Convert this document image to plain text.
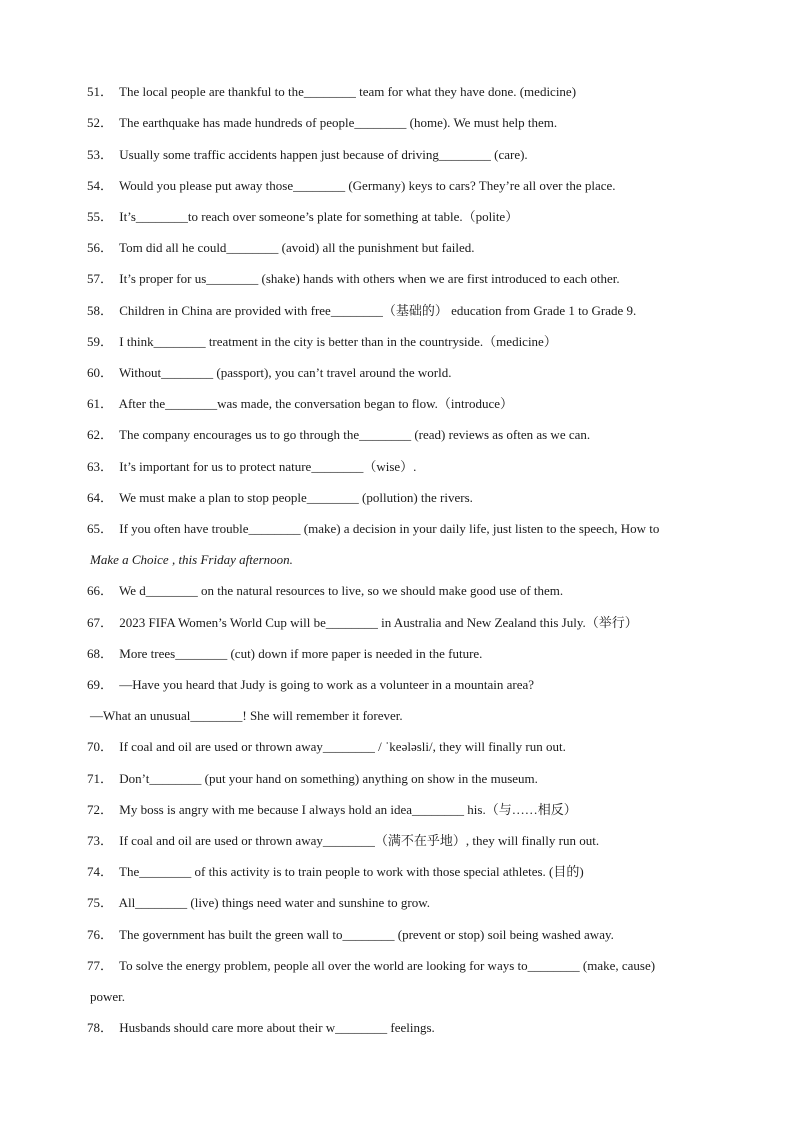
51． The local people are thankful to the________ team for what they have done. (medicine)
52． The earthquake has made hundreds of people________ (home). We must help them.
53． Usually some traffic accidents happen just because of driving________ (care).
54． Would you please put away those________ (Germany) keys to cars? They’re all over the place.
55． It’s________to reach over someone’s plate for something at table.（polite）
56． Tom did all he could________ (avoid) all the punishment but failed.
57． It’s proper for us________ (shake) hands with others when we are first introduced to each other.
58． Children in China are provided with free________（基础的） education from Grade 1 to Grade 9.
59． I think________ treatment in the city is better than in the countryside.（medicine）
60． Without________ (passport), you can’t travel around the world.
61． After the________was made, the conversation began to flow.（introduce）
62． The company encourages us to go through the________ (read) reviews as often as we can.
63． It’s important for us to protect nature________（wise）.
64． We must make a plan to stop people________ (pollution) the rivers.
65． If you often have trouble________ (make) a decision in your daily life, just listen to the speech, How to
Make a Choice , this Friday afternoon.
66． We d________ on the natural resources to live, so we should make good use of them.
67． 2023 FIFA Women’s World Cup will be________ in Australia and New Zealand this July.（举行）
68． More trees________ (cut) down if more paper is needed in the future.
69． —Have you heard that Judy is going to work as a volunteer in a mountain area?
—What an unusual________! She will remember it forever.
70． If coal and oil are used or thrown away________ / ˈkeələsli/, they will finally run out.
71． Don’t________ (put your hand on something) anything on show in the museum.
72． My boss is angry with me because I always hold an idea________ his.（与……相反）
73． If coal and oil are used or thrown away________（满不在乎地）, they will finally run out.
74． The________ of this activity is to train people to work with those special athletes. (目的)
75． All________ (live) things need water and sunshine to grow.
76． The government has built the green wall to________ (prevent or stop) soil being washed away.
77． To solve the energy problem, people all over the world are looking for ways to________ (make, cause)
power.
78． Husbands should care more about their w________ feelings.
